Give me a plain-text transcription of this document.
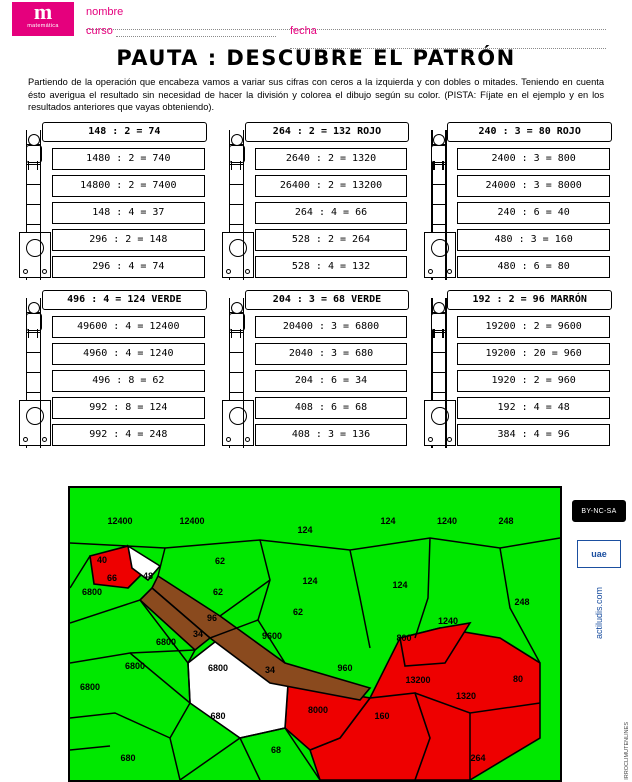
m
matemática
nombre
curso	fecha
PAUTA : DESCUBRE EL PATRÓN
Partiendo de la operación que encabeza vamos a variar sus cifras con ceros a la izquierda y con dobles o mitades. Teniendo en cuenta ésto averigua el resultado sin necesidad de hacer la división y colorea el dibujo según su color. (PISTA: Fíjate en el ejemplo y en los resultados anteriores que vayas obteniendo).
148 : 2 = 74
1480 : 2 = 740
14800 : 2 = 7400
148 : 4 = 37
296 : 2 = 148
296 : 4 = 74
264 : 2 = 132 ROJO
2640 : 2 = 1320
26400 : 2 = 13200
264 : 4 = 66
528 : 2 = 264
528 : 4 = 132
240 : 3 = 80 ROJO
2400 : 3 = 800
24000 : 3 = 8000
240 : 6 = 40
480 : 3 = 160
480 : 6 = 80
496 : 4 = 124 VERDE
49600 : 4 = 12400
4960 : 4 = 1240
496 : 8 = 62
992 : 8 = 124
992 : 4 = 248
204 : 3 = 68 VERDE
20400 : 3 = 6800
2040 : 3 = 680
204 : 6 = 34
408 : 6 = 68
408 : 3 = 136
192 : 2 = 96 MARRÓN
19200 : 2 = 9600
19200 : 20 = 960
1920 : 2 = 960
192 : 4 = 48
384 : 4 = 96
12400	12400
124
124	1240	248
40
66	48
62
6800	62
124	124
248
62
96	1240
34	9600	800
6800
6800	6800	34	960
80
6800
13200
1320
680
8000
160
68
680	264
BY-NC-SA
uae
actiludis.com
IRROCLIMUTENLINES
